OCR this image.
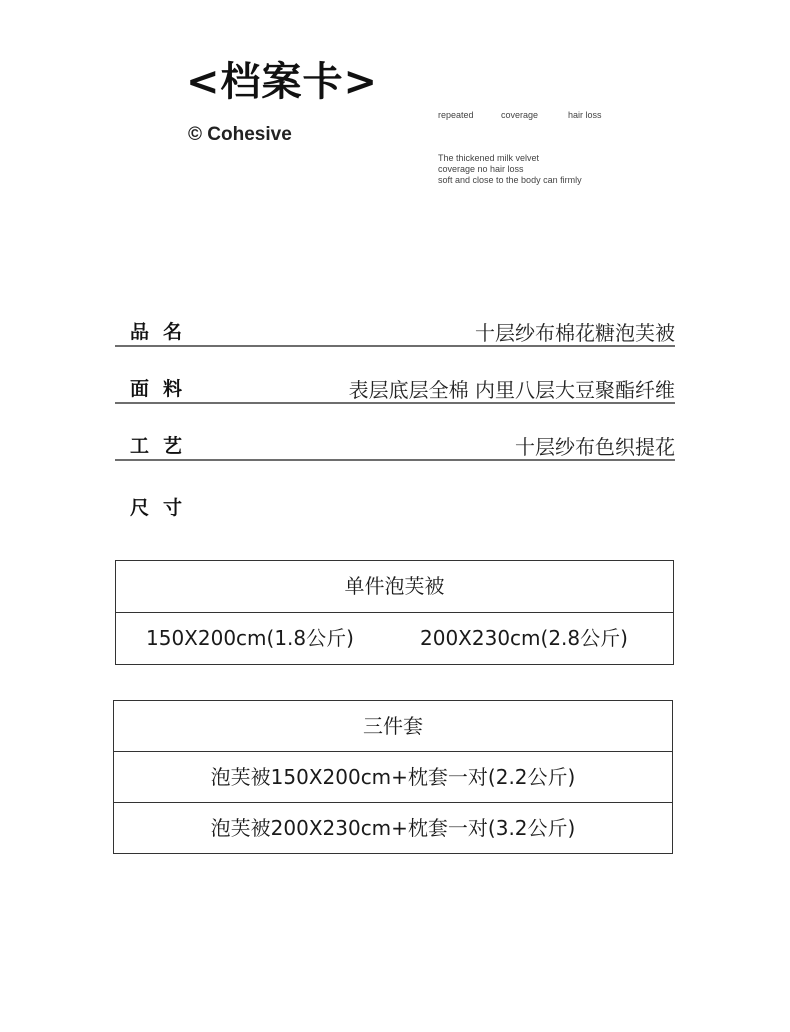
<档案卡>
© Cohesive
repeated	coverage	hair loss
The thickened milk velvet
coverage no hair loss
soft and close to the body can firmly
品名	十层纱布棉花糖泡芙被
面料	表层底层全棉 内里八层大豆聚酯纤维
工艺	十层纱布色织提花
尺寸
单件泡芙被
150X200cm(1.8公斤)	200X230cm(2.8公斤)
三件套
泡芙被150X200cm+枕套一对(2.2公斤)
泡芙被200X230cm+枕套一对(3.2公斤)
